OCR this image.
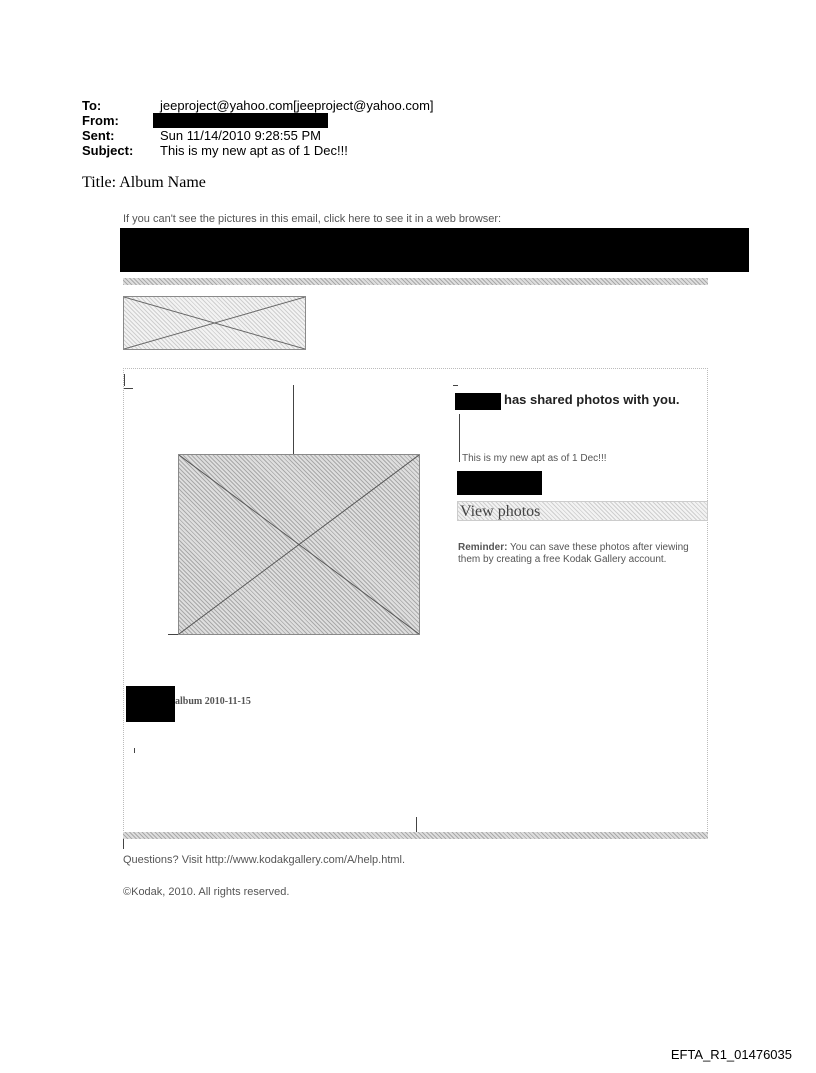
To:	jeeproject@yahoo.com[jeeproject@yahoo.com]
From:
Sent:	Sun 11/14/2010 9:28:55 PM
Subject: This is my new apt as of 1 Dec!!!
Title: Album Name
If you can't see the pictures in this email, click here to see it in a web browser:
has shared photos with you.
This is my new apt as of 1 Dec!!!
View photos
Reminder: You can save these photos after viewing them by creating a free Kodak Gallery account.
album 2010-11-15
Questions? Visit http://www.kodakgallery.com/A/help.html.
©Kodak, 2010. All rights reserved.
EFTA_R1_01476035
